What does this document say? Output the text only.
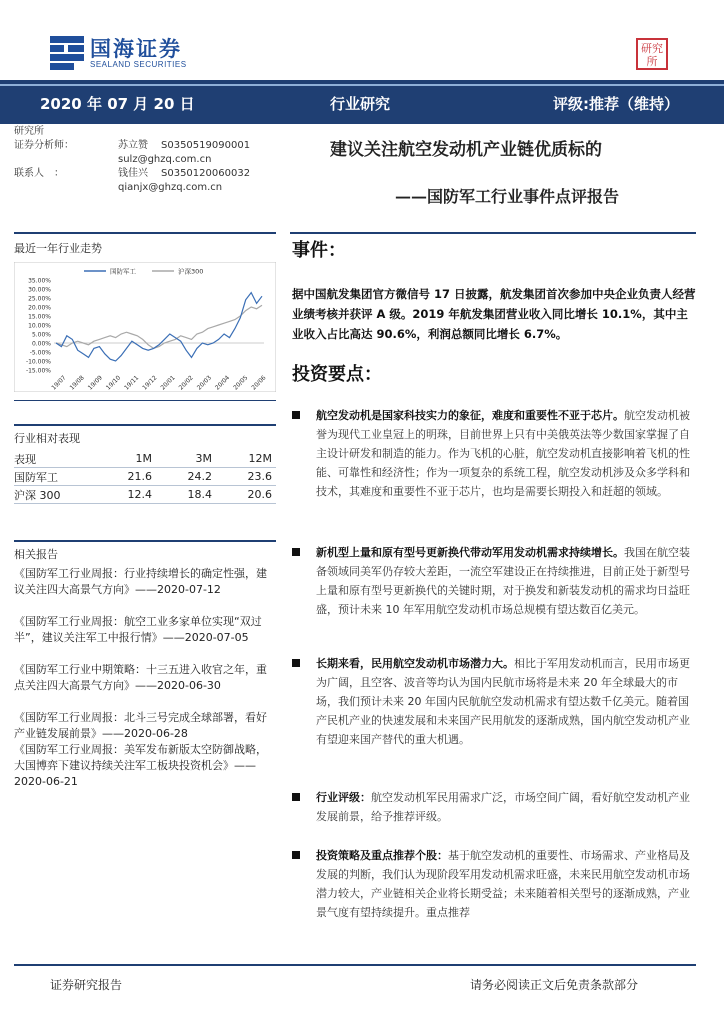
国海证券
SEALAND SECURITIES
研究所
2020 年 07 月 20 日	行业研究	评级:推荐（维持）
研究所
证券分析师：	苏立赞 S0350519090001
sulz@ghzq.com.cn
联系人　：	钱佳兴 S0350120060032
qianjx@ghzq.com.cn
建议关注航空发动机产业链优质标的
——国防军工行业事件点评报告
最近一年行业走势
国防军工	沪深300
35.00%
30.00%
25.00%
20.00%
15.00%
10.00%
5.00%
0.00%
-5.00%
-10.00%
-15.00%
19/07 19/08 19/09 19/10 19/11 19/12 20/01 20/02 20/03 20/04 20/05 20/06
行业相对表现
表现	1M	3M	12M
国防军工	21.6	24.2	23.6
沪深 300	12.4	18.4	20.6
相关报告
《国防军工行业周报：行业持续增长的确定性强，建议关注四大高景气方向》——2020-07-12
《国防军工行业周报：航空工业多家单位实现“双过半”，建议关注军工中报行情》——2020-07-05
《国防军工行业中期策略：十三五进入收官之年，重点关注四大高景气方向》——2020-06-30
《国防军工行业周报：北斗三号完成全球部署，看好产业链发展前景》——2020-06-28
《国防军工行业周报：美军发布新版太空防御战略，大国博弈下建议持续关注军工板块投资机会》——2020-06-21
事件：
据中国航发集团官方微信号 17 日披露，航发集团首次参加中央企业负责人经营业绩考核并获评 A 级。2019 年航发集团营业收入同比增长 10.1%，其中主业收入占比高达 90.6%，利润总额同比增长 6.7%。
投资要点：
航空发动机是国家科技实力的象征，难度和重要性不亚于芯片。航空发动机被誉为现代工业皇冠上的明珠，目前世界上只有中美俄英法等少数国家掌握了自主设计研发和制造的能力。作为飞机的心脏，航空发动机直接影响着飞机的性能、可靠性和经济性；作为一项复杂的系统工程，航空发动机涉及众多学科和技术，其难度和重要性不亚于芯片，也均是需要长期投入和赶超的领域。
新机型上量和原有型号更新换代带动军用发动机需求持续增长。我国在航空装备领域同美军仍存较大差距，一流空军建设正在持续推进，目前正处于新型号上量和原有型号更新换代的关键时期，对于换发和新装发动机的需求均日益旺盛，预计未来 10 年军用航空发动机市场总规模有望达数百亿美元。
长期来看，民用航空发动机市场潜力大。相比于军用发动机而言，民用市场更为广阔，且空客、波音等均认为国内民航市场将是未来 20 年全球最大的市场，我们预计未来 20 年国内民航航空发动机需求有望达数千亿美元。随着国产民机产业的快速发展和未来国产民用航发的逐渐成熟，国内航空发动机产业有望迎来国产替代的重大机遇。
行业评级：航空发动机军民用需求广泛，市场空间广阔，看好航空发动机产业发展前景，给予推荐评级。
投资策略及重点推荐个股：基于航空发动机的重要性、市场需求、产业格局及发展的判断，我们认为现阶段军用发动机需求旺盛，未来民用航空发动机市场潜力较大，产业链相关企业将长期受益；未来随着相关型号的逐渐成熟，产业景气度有望持续提升。重点推荐
证券研究报告	请务必阅读正文后免责条款部分
